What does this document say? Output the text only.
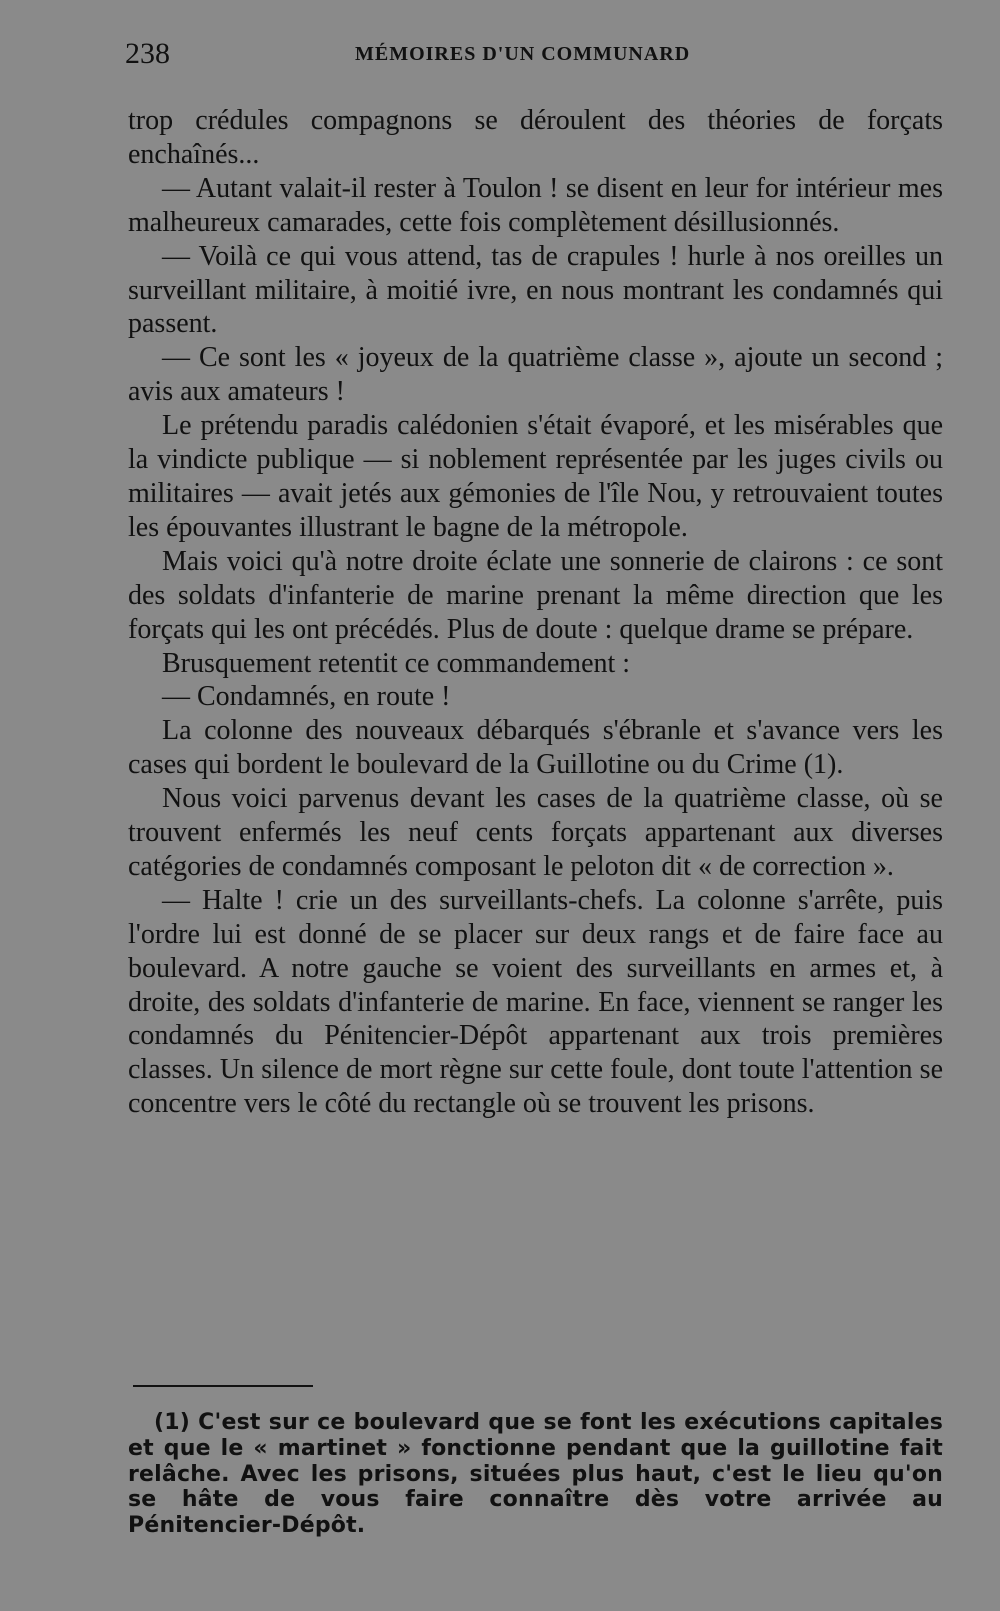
238	MÉMOIRES D'UN COMMUNARD

trop crédules compagnons se déroulent des théories de forçats enchaînés...

— Autant valait-il rester à Toulon ! se disent en leur for intérieur mes malheureux camarades, cette fois complètement désillusionnés.

— Voilà ce qui vous attend, tas de crapules ! hurle à nos oreilles un surveillant militaire, à moitié ivre, en nous montrant les condamnés qui passent.

— Ce sont les « joyeux de la quatrième classe », ajoute un second ; avis aux amateurs !

Le prétendu paradis calédonien s'était évaporé, et les misérables que la vindicte publique — si noblement représentée par les juges civils ou militaires — avait jetés aux gémonies de l'île Nou, y retrouvaient toutes les épouvantes illustrant le bagne de la métropole.

Mais voici qu'à notre droite éclate une sonnerie de clairons : ce sont des soldats d'infanterie de marine prenant la même direction que les forçats qui les ont précédés. Plus de doute : quelque drame se prépare.

Brusquement retentit ce commandement :

— Condamnés, en route !

La colonne des nouveaux débarqués s'ébranle et s'avance vers les cases qui bordent le boulevard de la Guillotine ou du Crime (1).

Nous voici parvenus devant les cases de la quatrième classe, où se trouvent enfermés les neuf cents forçats appartenant aux diverses catégories de condamnés composant le peloton dit « de correction ».

— Halte ! crie un des surveillants-chefs. La colonne s'arrête, puis l'ordre lui est donné de se placer sur deux rangs et de faire face au boulevard. A notre gauche se voient des surveillants en armes et, à droite, des soldats d'infanterie de marine. En face, viennent se ranger les condamnés du Pénitencier-Dépôt appartenant aux trois premières classes. Un silence de mort règne sur cette foule, dont toute l'attention se concentre vers le côté du rectangle où se trouvent les prisons.

(1) C'est sur ce boulevard que se font les exécutions capitales et que le « martinet » fonctionne pendant que la guillotine fait relâche. Avec les prisons, situées plus haut, c'est le lieu qu'on se hâte de vous faire connaître dès votre arrivée au Pénitencier-Dépôt.
